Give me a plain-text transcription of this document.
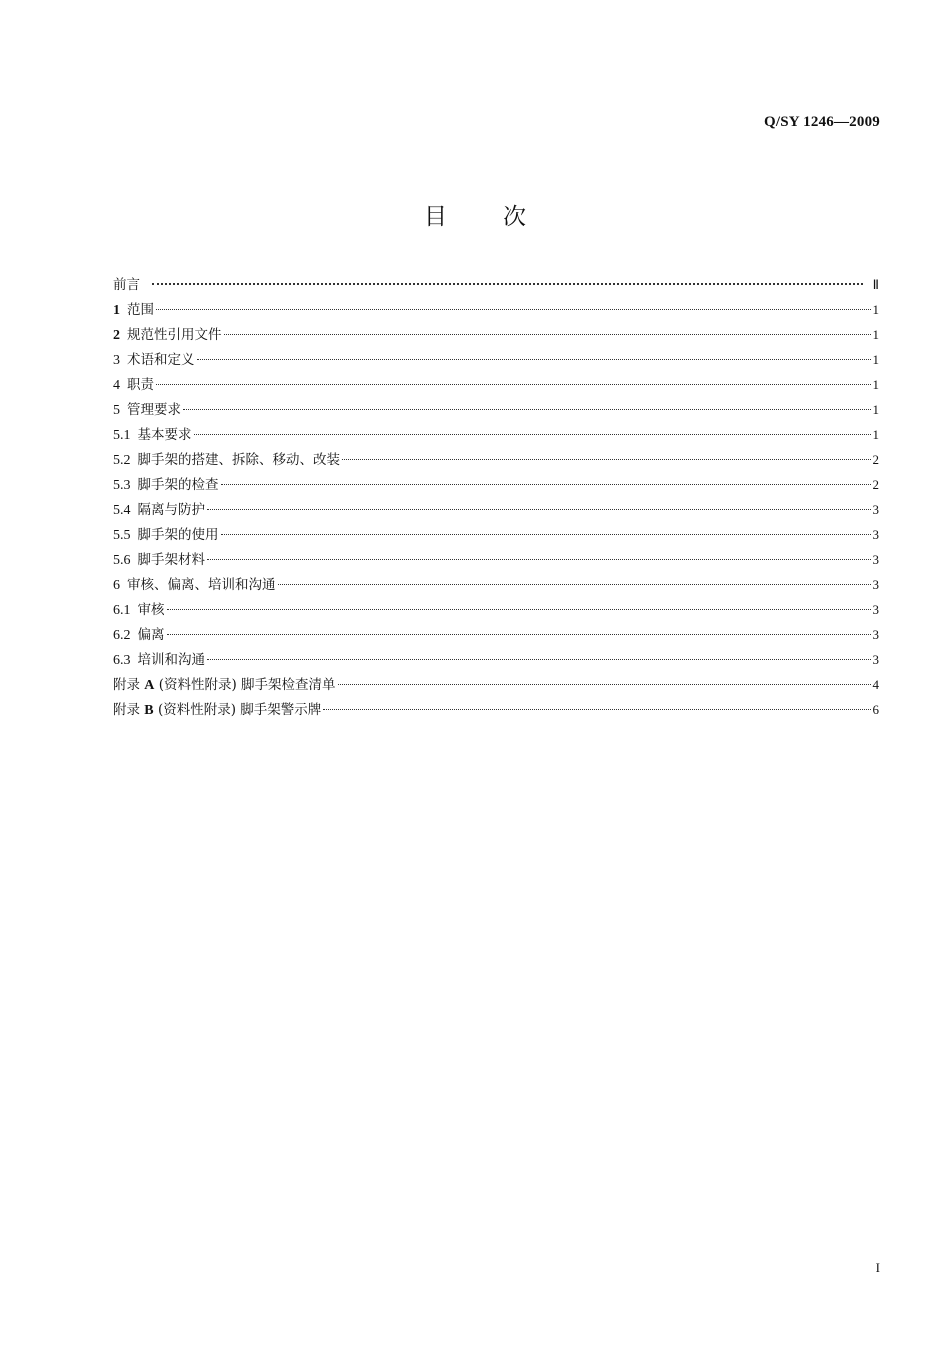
Q/SY 1246—2009
目 次
前言	Ⅱ
1 范围	1
2 规范性引用文件	1
3 术语和定义	1
4 职责	1
5 管理要求	1
5.1 基本要求	1
5.2 脚手架的搭建、拆除、移动、改装	2
5.3 脚手架的检查	2
5.4 隔离与防护	3
5.5 脚手架的使用	3
5.6 脚手架材料	3
6 审核、偏离、培训和沟通	3
6.1 审核	3
6.2 偏离	3
6.3 培训和沟通	3
附录 A (资料性附录) 脚手架检查清单	4
附录 B (资料性附录) 脚手架警示牌	6
I
